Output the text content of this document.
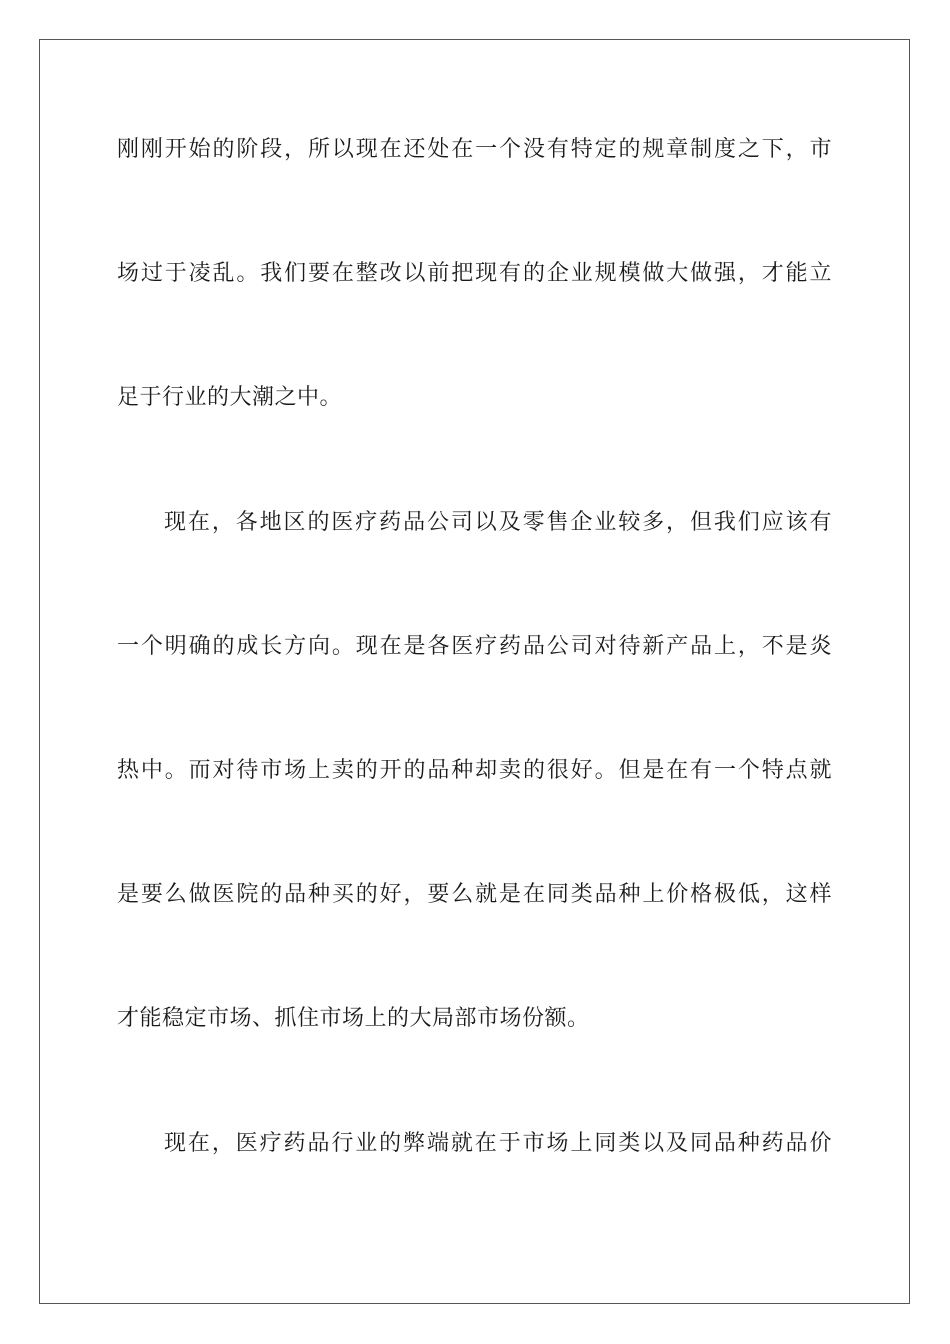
刚刚开始的阶段，所以现在还处在一个没有特定的规章制度之下，市
场过于凌乱。我们要在整改以前把现有的企业规模做大做强，才能立
足于行业的大潮之中。
现在，各地区的医疗药品公司以及零售企业较多，但我们应该有
一个明确的成长方向。现在是各医疗药品公司对待新产品上，不是炎
热中。而对待市场上卖的开的品种却卖的很好。但是在有一个特点就
是要么做医院的品种买的好，要么就是在同类品种上价格极低，这样
才能稳定市场、抓住市场上的大局部市场份额。
现在，医疗药品行业的弊端就在于市场上同类以及同品种药品价
